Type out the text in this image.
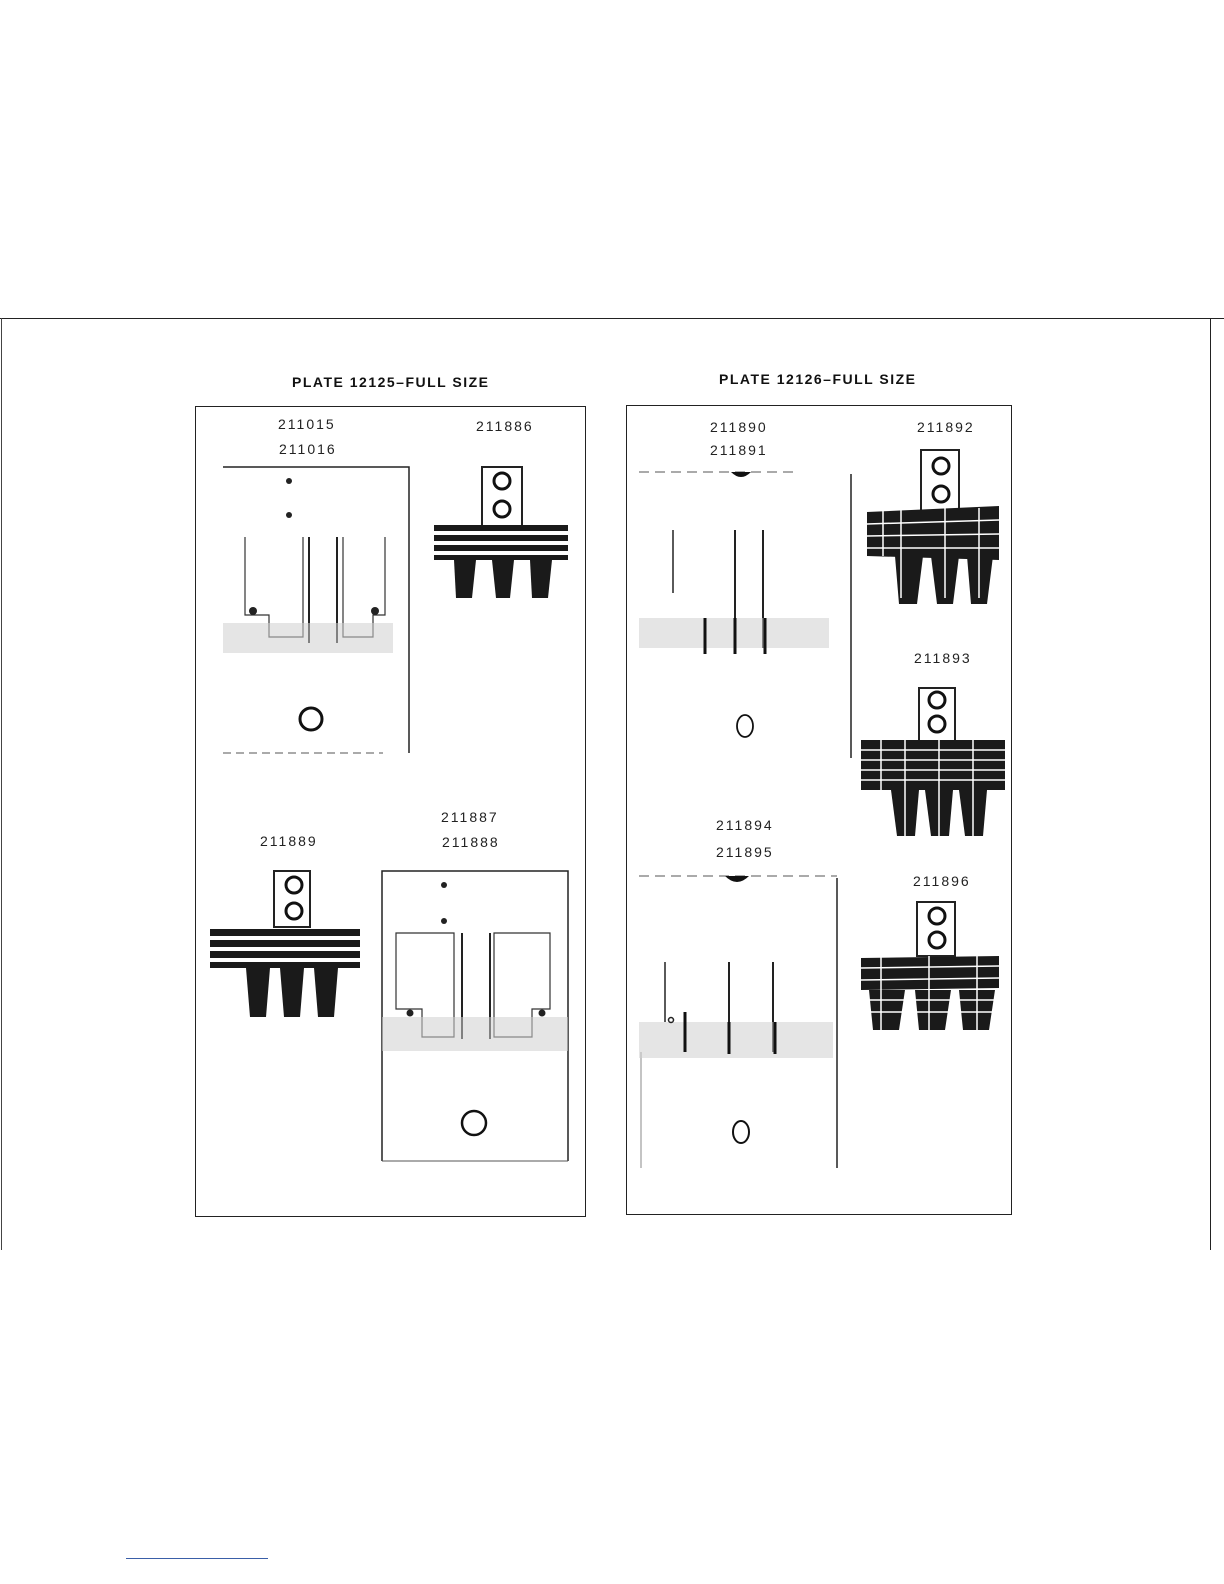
PLATE 12125–FULL SIZE
211015
211016
211886
211887
211888
211889
PLATE 12126–FULL SIZE
211890
211891
211892
211893
211894
211895
211896
